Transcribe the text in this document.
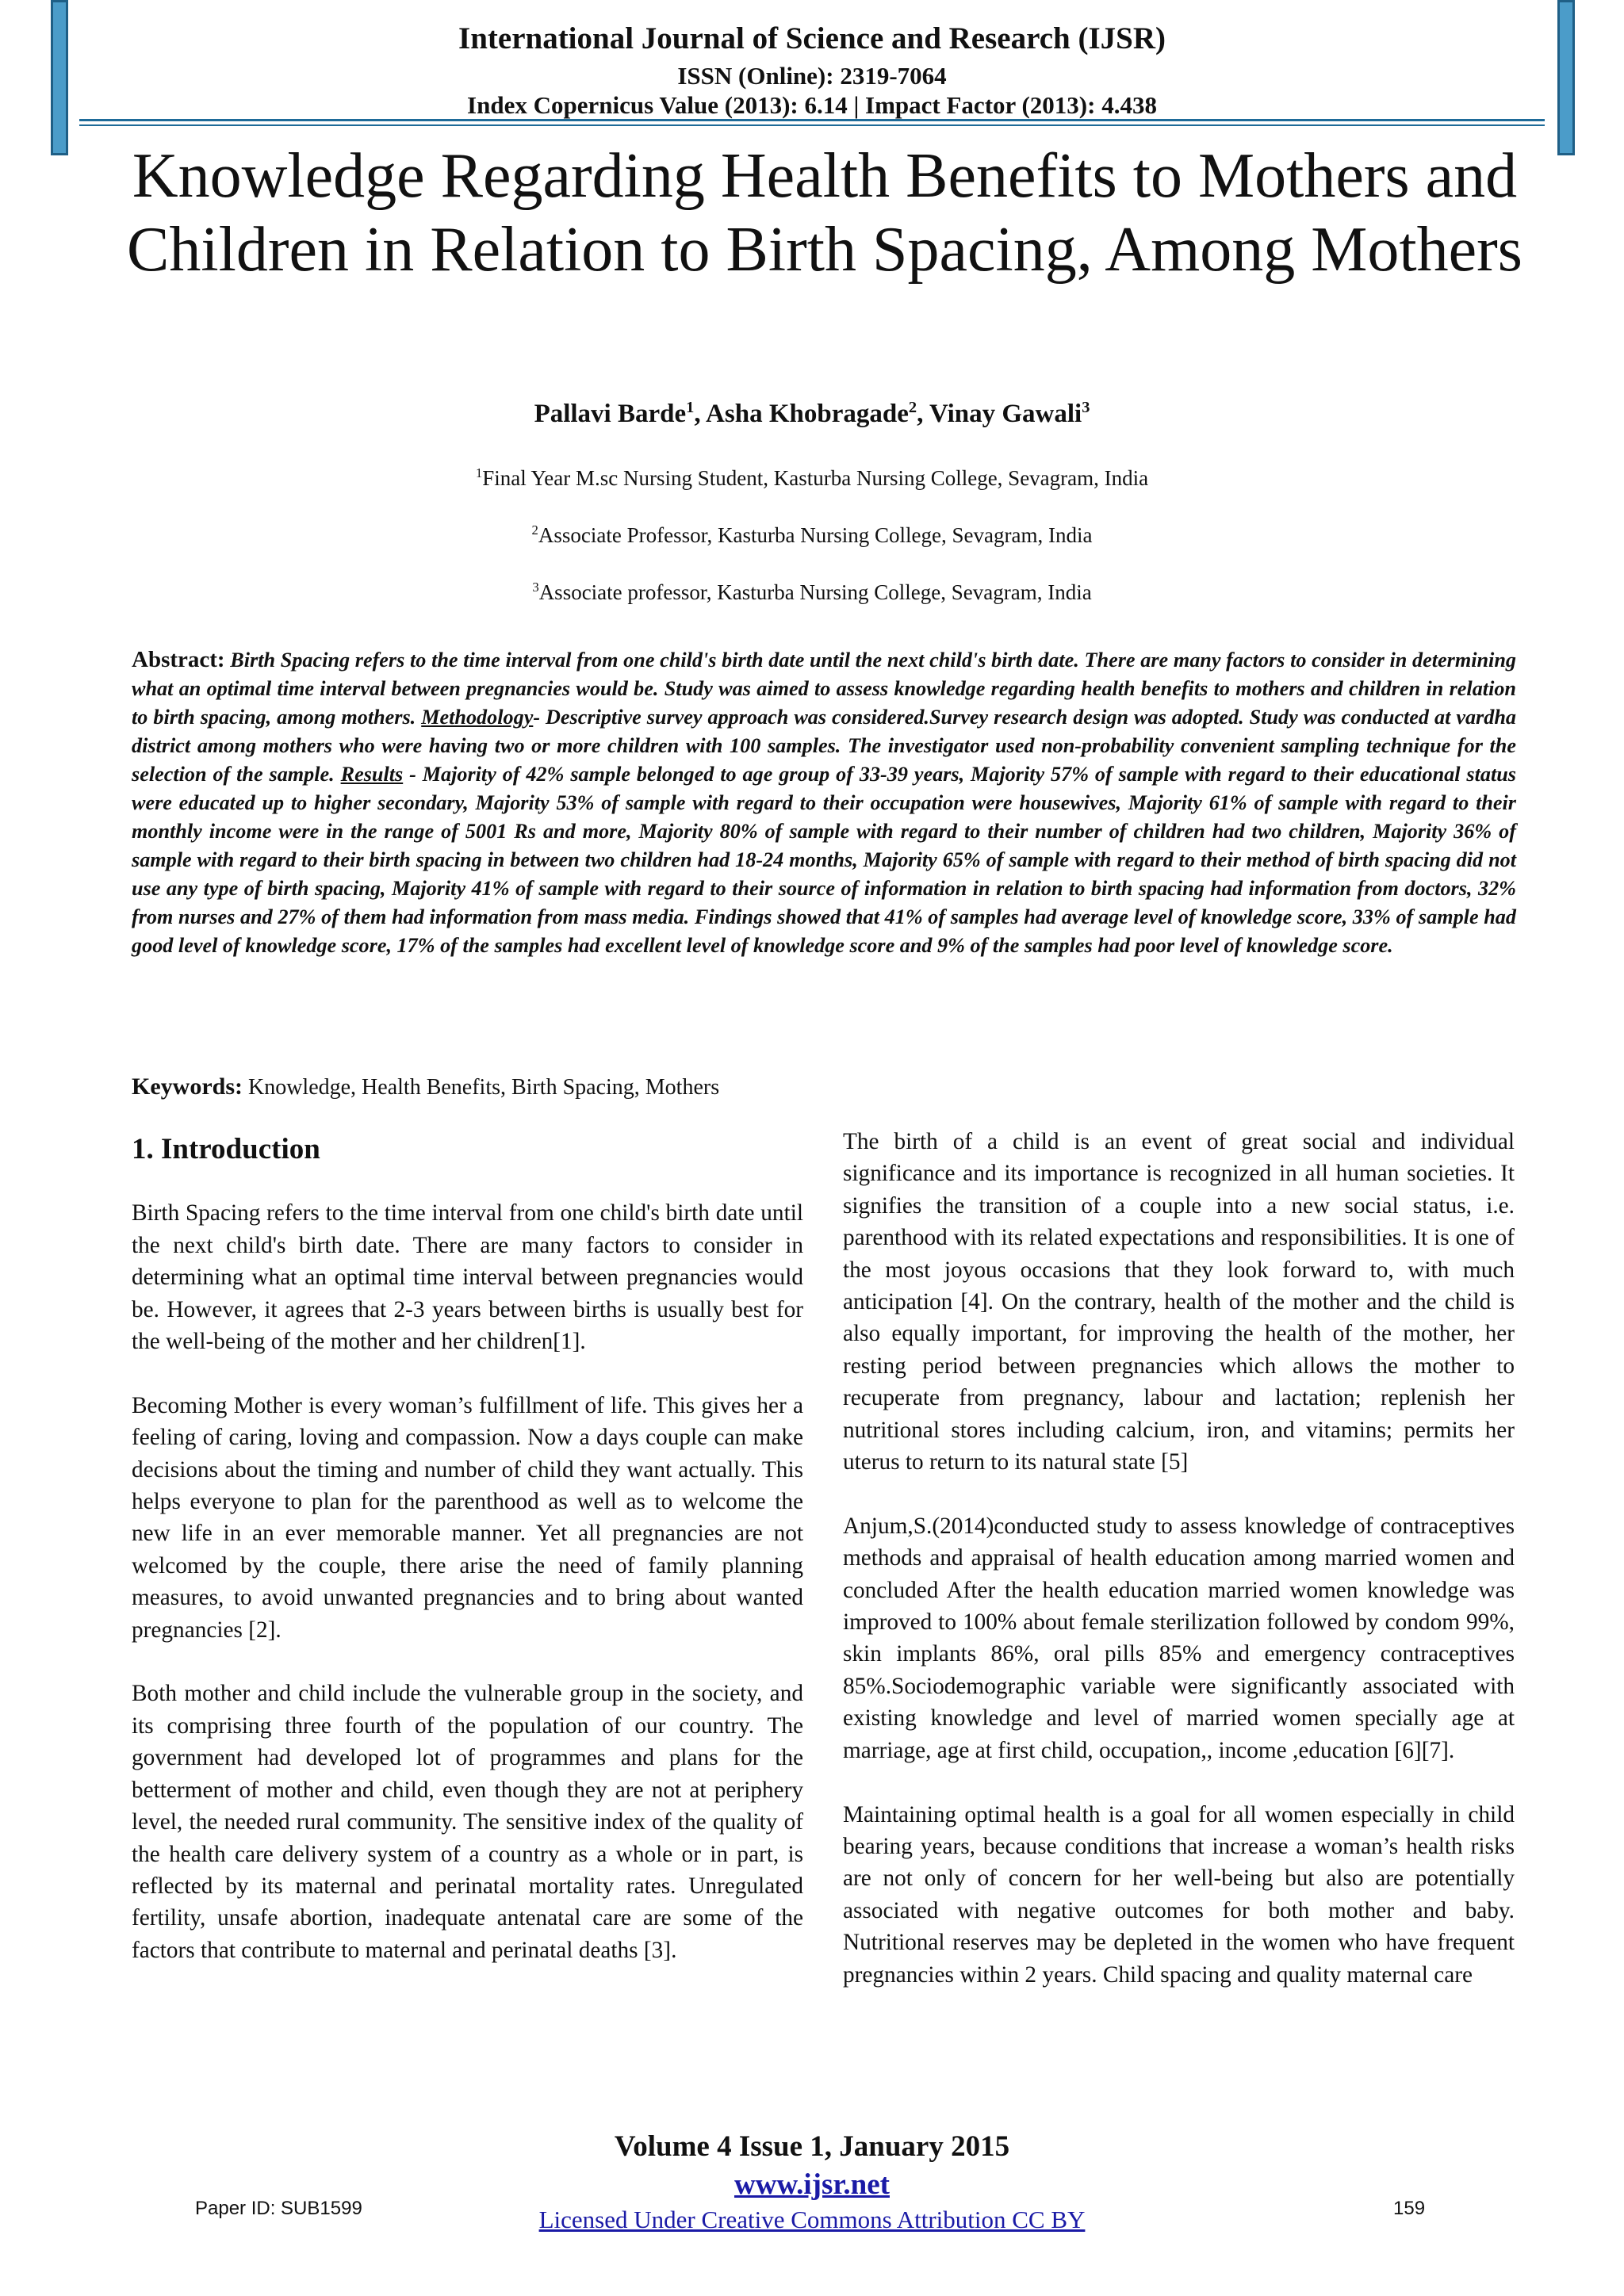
International Journal of Science and Research (IJSR)

ISSN (Online): 2319-7064

Index Copernicus Value (2013): 6.14 | Impact Factor (2013): 4.438

Knowledge Regarding Health Benefits to Mothers and Children in Relation to Birth Spacing, Among Mothers

Pallavi Barde$^1$, Asha Khobragade$^2$, Vinay Gawali$^3$

$^1$Final Year M.sc Nursing Student, Kasturba Nursing College, Sevagram, India

$^2$Associate Professor, Kasturba Nursing College, Sevagram, India

$^3$Associate professor, Kasturba Nursing College, Sevagram, India

Abstract: Birth Spacing refers to the time interval from one child's birth date until the next child's birth date. There are many factors to consider in determining what an optimal time interval between pregnancies would be. Study was aimed to assess knowledge regarding health benefits to mothers and children in relation to birth spacing, among mothers. Methodology- Descriptive survey approach was considered.Survey research design was adopted. Study was conducted at vardha district among mothers who were having two or more children with 100 samples. The investigator used non-probability convenient sampling technique for the selection of the sample. Results - Majority of 42% sample belonged to age group of 33-39 years, Majority 57% of sample with regard to their educational status were educated up to higher secondary, Majority 53% of sample with regard to their occupation were housewives, Majority 61% of sample with regard to their monthly income were in the range of 5001 Rs and more, Majority 80% of sample with regard to their number of children had two children, Majority 36% of sample with regard to their birth spacing in between two children had 18-24 months, Majority 65% of sample with regard to their method of birth spacing did not use any type of birth spacing, Majority 41% of sample with regard to their source of information in relation to birth spacing had information from doctors, 32% from nurses and 27% of them had information from mass media. Findings showed that 41% of samples had average level of knowledge score, 33% of sample had good level of knowledge score, 17% of the samples had excellent level of knowledge score and 9% of the samples had poor level of knowledge score.

Keywords: Knowledge, Health Benefits, Birth Spacing, Mothers

1. Introduction

Birth Spacing refers to the time interval from one child's birth date until the next child's birth date. There are many factors to consider in determining what an optimal time interval between pregnancies would be. However, it agrees that 2-3 years between births is usually best for the well-being of the mother and her children[1].

Becoming Mother is every woman’s fulfillment of life. This gives her a feeling of caring, loving and compassion. Now a days couple can make decisions about the timing and number of child they want actually. This helps everyone to plan for the parenthood as well as to welcome the new life in an ever memorable manner. Yet all pregnancies are not welcomed by the couple, there arise the need of family planning measures, to avoid unwanted pregnancies and to bring about wanted pregnancies [2].

Both mother and child include the vulnerable group in the society, and its comprising three fourth of the population of our country. The government had developed lot of programmes and plans for the betterment of mother and child, even though they are not at periphery level, the needed rural community. The sensitive index of the quality of the health care delivery system of a country as a whole or in part, is reflected by its maternal and perinatal mortality rates. Unregulated fertility, unsafe abortion, inadequate antenatal care are some of the factors that contribute to maternal and perinatal deaths [3].

The birth of a child is an event of great social and individual significance and its importance is recognized in all human societies. It signifies the transition of a couple into a new social status, i.e. parenthood with its related expectations and responsibilities. It is one of the most joyous occasions that they look forward to, with much anticipation [4]. On the contrary, health of the mother and the child is also equally important, for improving the health of the mother, her resting period between pregnancies which allows the mother to recuperate from pregnancy, labour and lactation; replenish her nutritional stores including calcium, iron, and vitamins; permits her uterus to return to its natural state [5]

Anjum,S.(2014)conducted study to assess knowledge of contraceptives methods and appraisal of health education among married women and concluded After the health education married women knowledge was improved to 100% about female sterilization followed by condom 99%, skin implants 86%, oral pills 85% and emergency contraceptives 85%.Sociodemographic variable were significantly associated with existing knowledge and level of married women specially age at marriage, age at first child, occupation,, income ,education [6][7].

Maintaining optimal health is a goal for all women especially in child bearing years, because conditions that increase a woman’s health risks are not only of concern for her well-being but also are potentially associated with negative outcomes for both mother and baby. Nutritional reserves may be depleted in the women who have frequent pregnancies within 2 years. Child spacing and quality maternal care

Volume 4 Issue 1, January 2015

www.ijsr.net

Licensed Under Creative Commons Attribution CC BY

Paper ID: SUB1599	159
